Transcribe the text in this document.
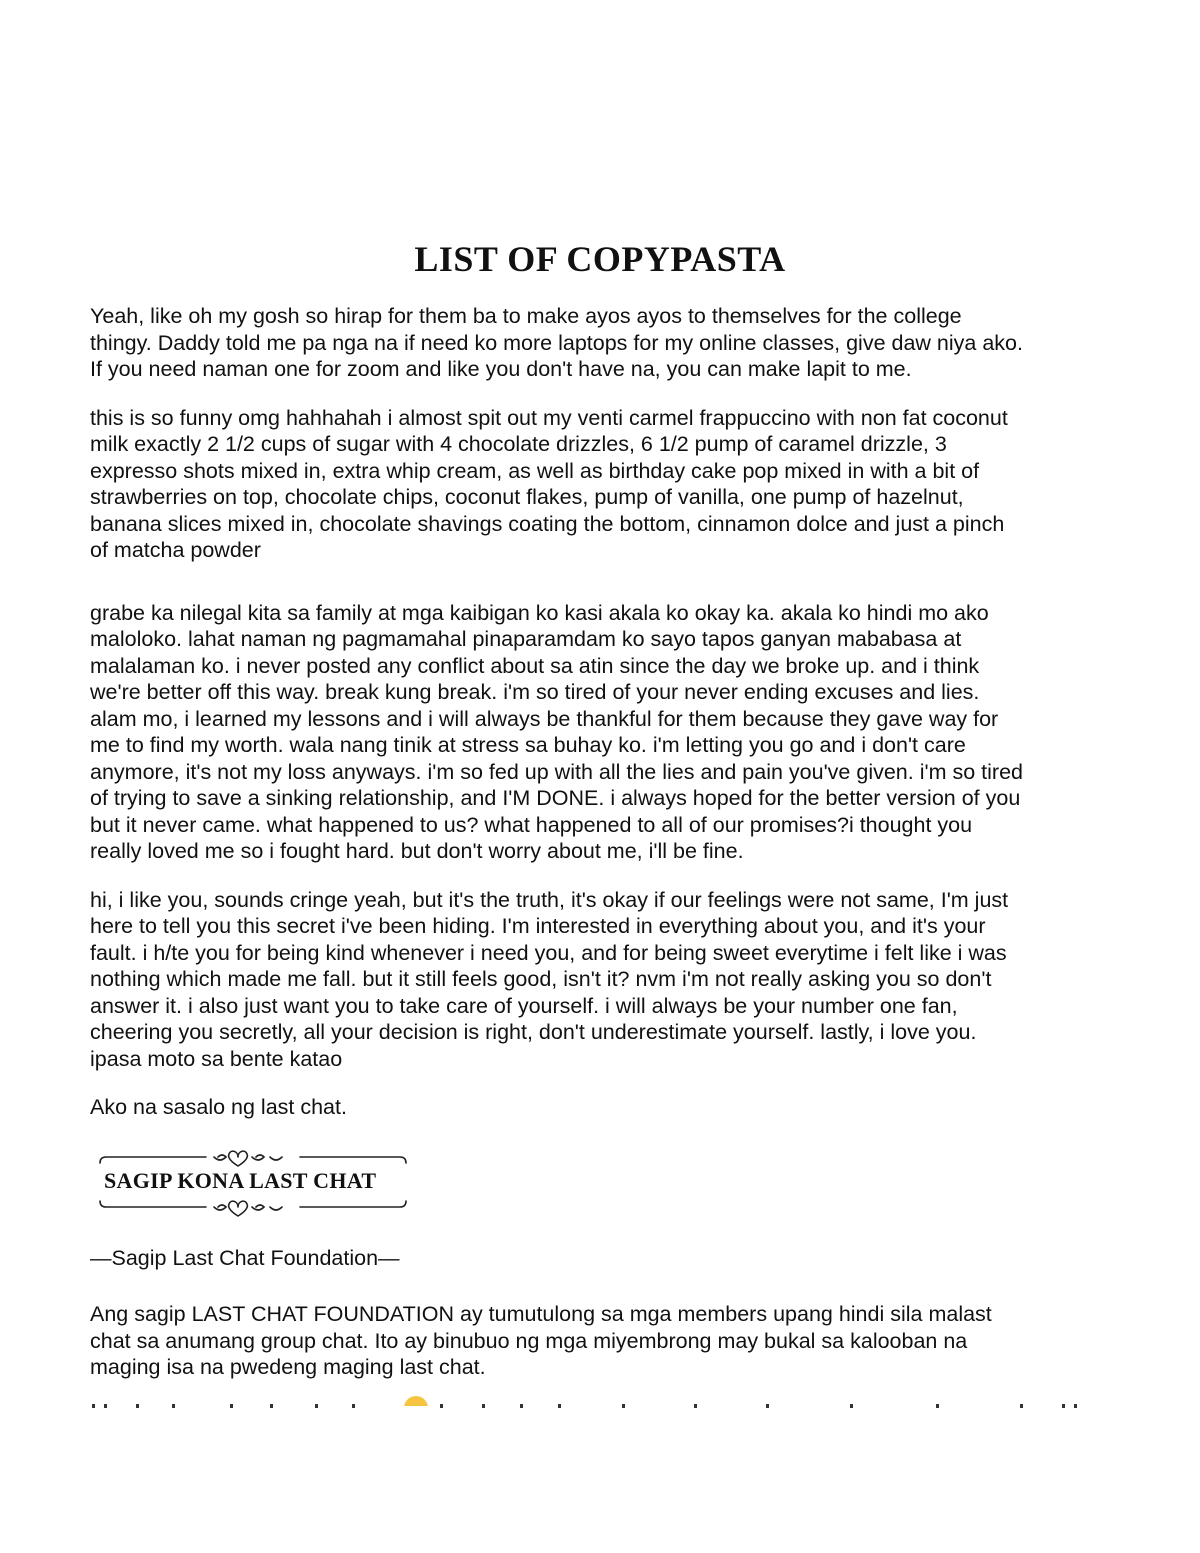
LIST OF COPYPASTA

Yeah, like oh my gosh so hirap for them ba to make ayos ayos to themselves for the college

thingy. Daddy told me pa nga na if need ko more laptops for my online classes, give daw niya ako.

If you need naman one for zoom and like you don't have na, you can make lapit to me.

this is so funny omg hahhahah i almost spit out my venti carmel frappuccino with non fat coconut

milk exactly 2 1/2 cups of sugar with 4 chocolate drizzles, 6 1/2 pump of caramel drizzle, 3

expresso shots mixed in, extra whip cream, as well as birthday cake pop mixed in with a bit of

strawberries on top, chocolate chips, coconut flakes, pump of vanilla, one pump of hazelnut,

banana slices mixed in, chocolate shavings coating the bottom, cinnamon dolce and just a pinch

of matcha powder

grabe ka nilegal kita sa family at mga kaibigan ko kasi akala ko okay ka. akala ko hindi mo ako

maloloko. lahat naman ng pagmamahal pinaparamdam ko sayo tapos ganyan mababasa at

malalaman ko. i never posted any conflict about sa atin since the day we broke up. and i think

we're better off this way. break kung break. i'm so tired of your never ending excuses and lies.

alam mo, i learned my lessons and i will always be thankful for them because they gave way for

me to find my worth. wala nang tinik at stress sa buhay ko. i'm letting you go and i don't care

anymore, it's not my loss anyways. i'm so fed up with all the lies and pain you've given. i'm so tired

of trying to save a sinking relationship, and I'M DONE. i always hoped for the better version of you

but it never came. what happened to us? what happened to all of our promises?i thought you

really loved me so i fought hard. but don't worry about me, i'll be fine.

hi, i like you, sounds cringe yeah, but it's the truth, it's okay if our feelings were not same, I'm just

here to tell you this secret i've been hiding. I'm interested in everything about you, and it's your

fault. i h/te you for being kind whenever i need you, and for being sweet everytime i felt like i was

nothing which made me fall. but it still feels good, isn't it? nvm i'm not really asking you so don't

answer it. i also just want you to take care of yourself. i will always be your number one fan,

cheering you secretly, all your decision is right, don't underestimate yourself. lastly, i love you.

ipasa moto sa bente katao

Ako na sasalo ng last chat.

SAGIP KONA LAST CHAT

—Sagip Last Chat Foundation—

Ang sagip LAST CHAT FOUNDATION ay tumutulong sa mga members upang hindi sila malast

chat sa anumang group chat. Ito ay binubuo ng mga miyembrong may bukal sa kalooban na

maging isa na pwedeng maging last chat.
